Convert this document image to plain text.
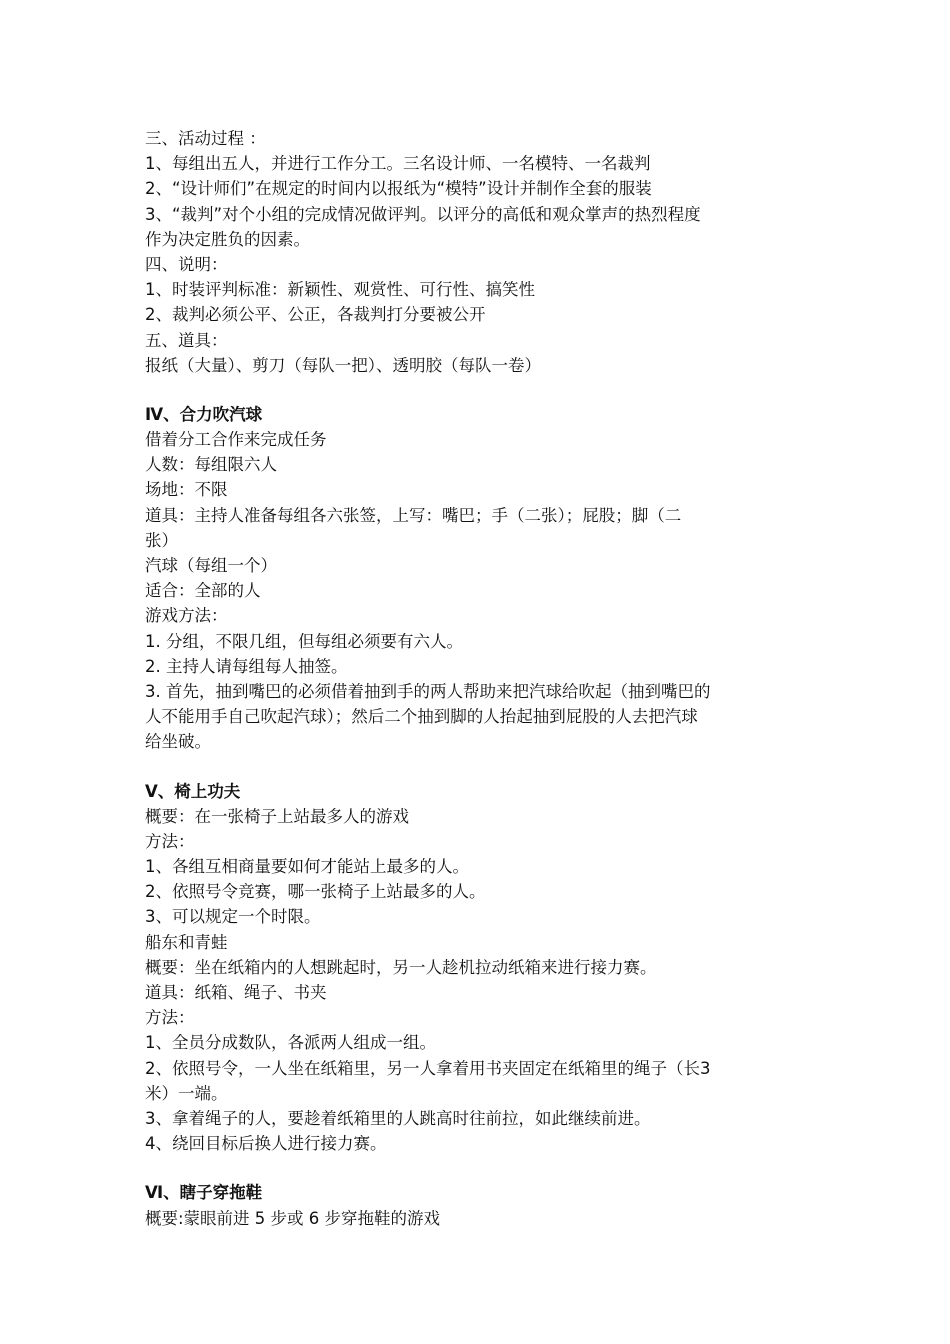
三、活动过程 ：
1、每组出五人，并进行工作分工。三名设计师、一名模特、一名裁判
2、“设计师们”在规定的时间内以报纸为“模特”设计并制作全套的服装
3、“裁判”对个小组的完成情况做评判。以评分的高低和观众掌声的热烈程度
作为决定胜负的因素。
四、说明：
1、时装评判标准：新颖性、观赏性、可行性、搞笑性
2、裁判必须公平、公正，各裁判打分要被公开
五、道具：
报纸（大量）、剪刀（每队一把）、透明胶（每队一卷）
Ⅳ、合力吹汽球
借着分工合作来完成任务
人数：每组限六人
场地：不限
道具：主持人准备每组各六张签，上写：嘴巴；手（二张）；屁股；脚（二
张）
汽球（每组一个）
适合：全部的人
游戏方法：
1. 分组，不限几组，但每组必须要有六人。
2. 主持人请每组每人抽签。
3. 首先，抽到嘴巴的必须借着抽到手的两人帮助来把汽球给吹起（抽到嘴巴的
人不能用手自己吹起汽球）；然后二个抽到脚的人抬起抽到屁股的人去把汽球
给坐破。
Ⅴ、椅上功夫
概要：在一张椅子上站最多人的游戏
方法：
1、各组互相商量要如何才能站上最多的人。
2、依照号令竞赛，哪一张椅子上站最多的人。
3、可以规定一个时限。
船东和青蛙
概要：坐在纸箱内的人想跳起时，另一人趁机拉动纸箱来进行接力赛。
道具：纸箱、绳子、书夹
方法：
1、全员分成数队，各派两人组成一组。
2、依照号令，一人坐在纸箱里，另一人拿着用书夹固定在纸箱里的绳子（长3
米）一端。
3、拿着绳子的人，要趁着纸箱里的人跳高时往前拉，如此继续前进。
4、绕回目标后换人进行接力赛。
Ⅵ、瞎子穿拖鞋
概要:蒙眼前进 5 步或 6 步穿拖鞋的游戏
